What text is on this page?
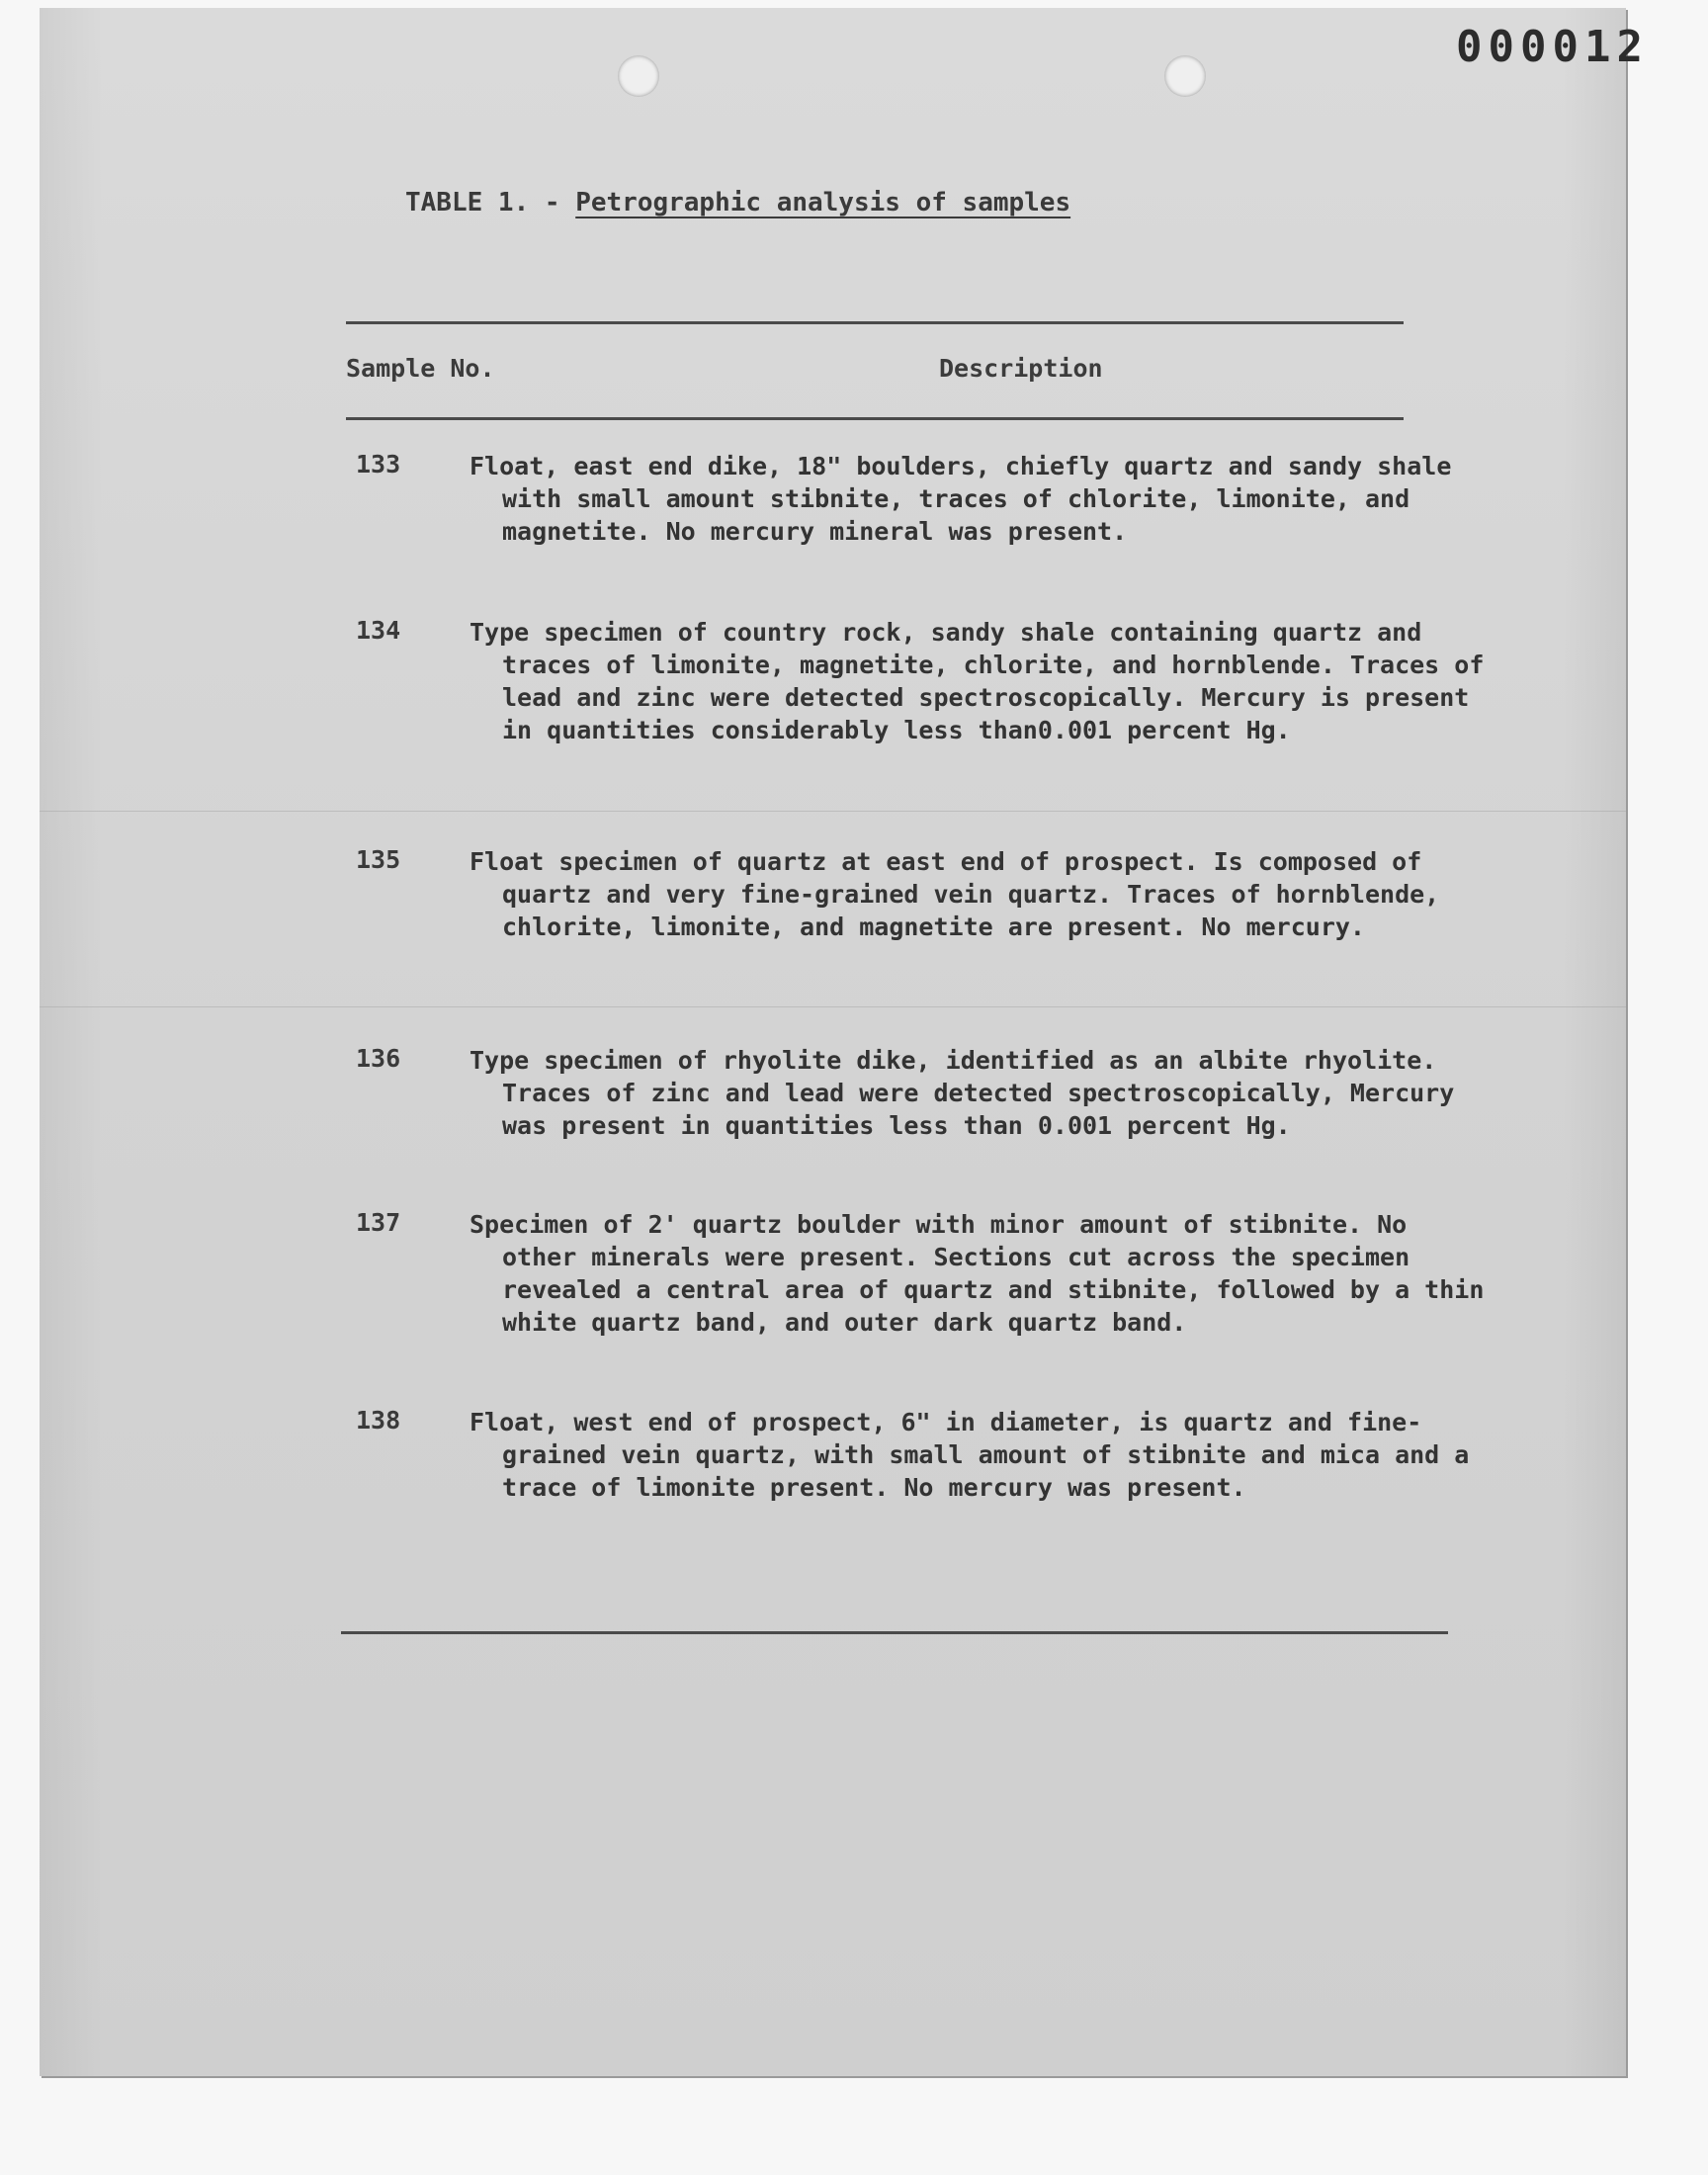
000012
TABLE 1. - Petrographic analysis of samples
Sample No.	Description
133	Float, east end dike, 18" boulders, chiefly quartz and sandy shale with small amount stibnite, traces of chlorite, limonite, and magnetite. No mercury mineral was present.
134	Type specimen of country rock, sandy shale containing quartz and traces of limonite, magnetite, chlorite, and hornblende. Traces of lead and zinc were detected spectroscopically. Mercury is present in quantities considerably less than0.001 percent Hg.
135	Float specimen of quartz at east end of prospect. Is composed of quartz and very fine-grained vein quartz. Traces of hornblende, chlorite, limonite, and magnetite are present. No mercury.
136	Type specimen of rhyolite dike, identified as an albite rhyolite. Traces of zinc and lead were detected spectroscopically, Mercury was present in quantities less than 0.001 percent Hg.
137	Specimen of 2' quartz boulder with minor amount of stibnite. No other minerals were present. Sections cut across the specimen revealed a central area of quartz and stibnite, followed by a thin white quartz band, and outer dark quartz band.
138	Float, west end of prospect, 6" in diameter, is quartz and fine-grained vein quartz, with small amount of stibnite and mica and a trace of limonite present. No mercury was present.
